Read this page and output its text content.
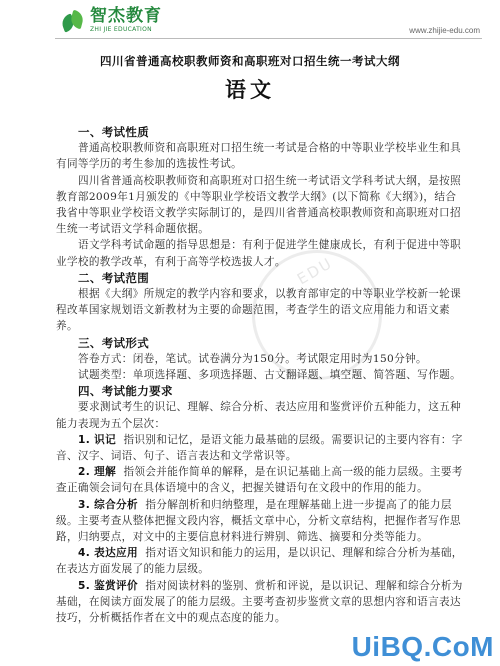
智杰教育
ZHI JIE EDUCATION	www.zhijie-edu.com
四川省普通高校职教师资和高职班对口招生统一考试大纲
语文
EDU
一、考试性质

普通高校职教师资和高职班对口招生统一考试是合格的中等职业学校毕业生和具有同等学历的考生参加的选拔性考试。

四川省普通高校职教师资和高职班对口招生统一考试语文学科考试大纲，是按照教育部2009年1月颁发的《中等职业学校语文教学大纲》(以下简称《大纲》)，结合我省中等职业学校语文教学实际制订的，是四川省普通高校职教师资和高职班对口招生统一考试语文学科命题依据。

语文学科考试命题的指导思想是：有利于促进学生健康成长，有利于促进中等职业学校的教学改革，有利于高等学校选拔人才。

二、考试范围

根据《大纲》所规定的教学内容和要求，以教育部审定的中等职业学校新一轮课程改革国家规划语文新教材为主要的命题范围，考查学生的语文应用能力和语文素养。

三、考试形式

答卷方式：闭卷，笔试。试卷满分为150分。考试限定用时为150分钟。

试题类型：单项选择题、多项选择题、古文翻译题、填空题、简答题、写作题。

四、考试能力要求

要求测试考生的识记、理解、综合分析、表达应用和鉴赏评价五种能力，这五种能力表现为五个层次：

1. 识记 指识别和记忆，是语文能力最基础的层级。需要识记的主要内容有：字音、汉字、词语、句子、语言表达和文学常识等。

2. 理解 指领会并能作简单的解释，是在识记基础上高一级的能力层级。主要考查正确领会词句在具体语境中的含义，把握关键语句在文段中的作用的能力。

3. 综合分析 指分解剖析和归纳整理，是在理解基础上进一步提高了的能力层级。主要考查从整体把握文段内容，概括文章中心，分析文章结构，把握作者写作思路，归纳要点，对文中的主要信息材料进行辨别、筛选、摘要和分类等能力。

4. 表达应用 指对语文知识和能力的运用，是以识记、理解和综合分析为基础，在表达方面发展了的能力层级。

5. 鉴赏评价 指对阅读材料的鉴别、赏析和评说，是以识记、理解和综合分析为基础，在阅读方面发展了的能力层级。主要考查初步鉴赏文章的思想内容和语言表达技巧，分析概括作者在文中的观点态度的能力。

UiBQ.CoM
